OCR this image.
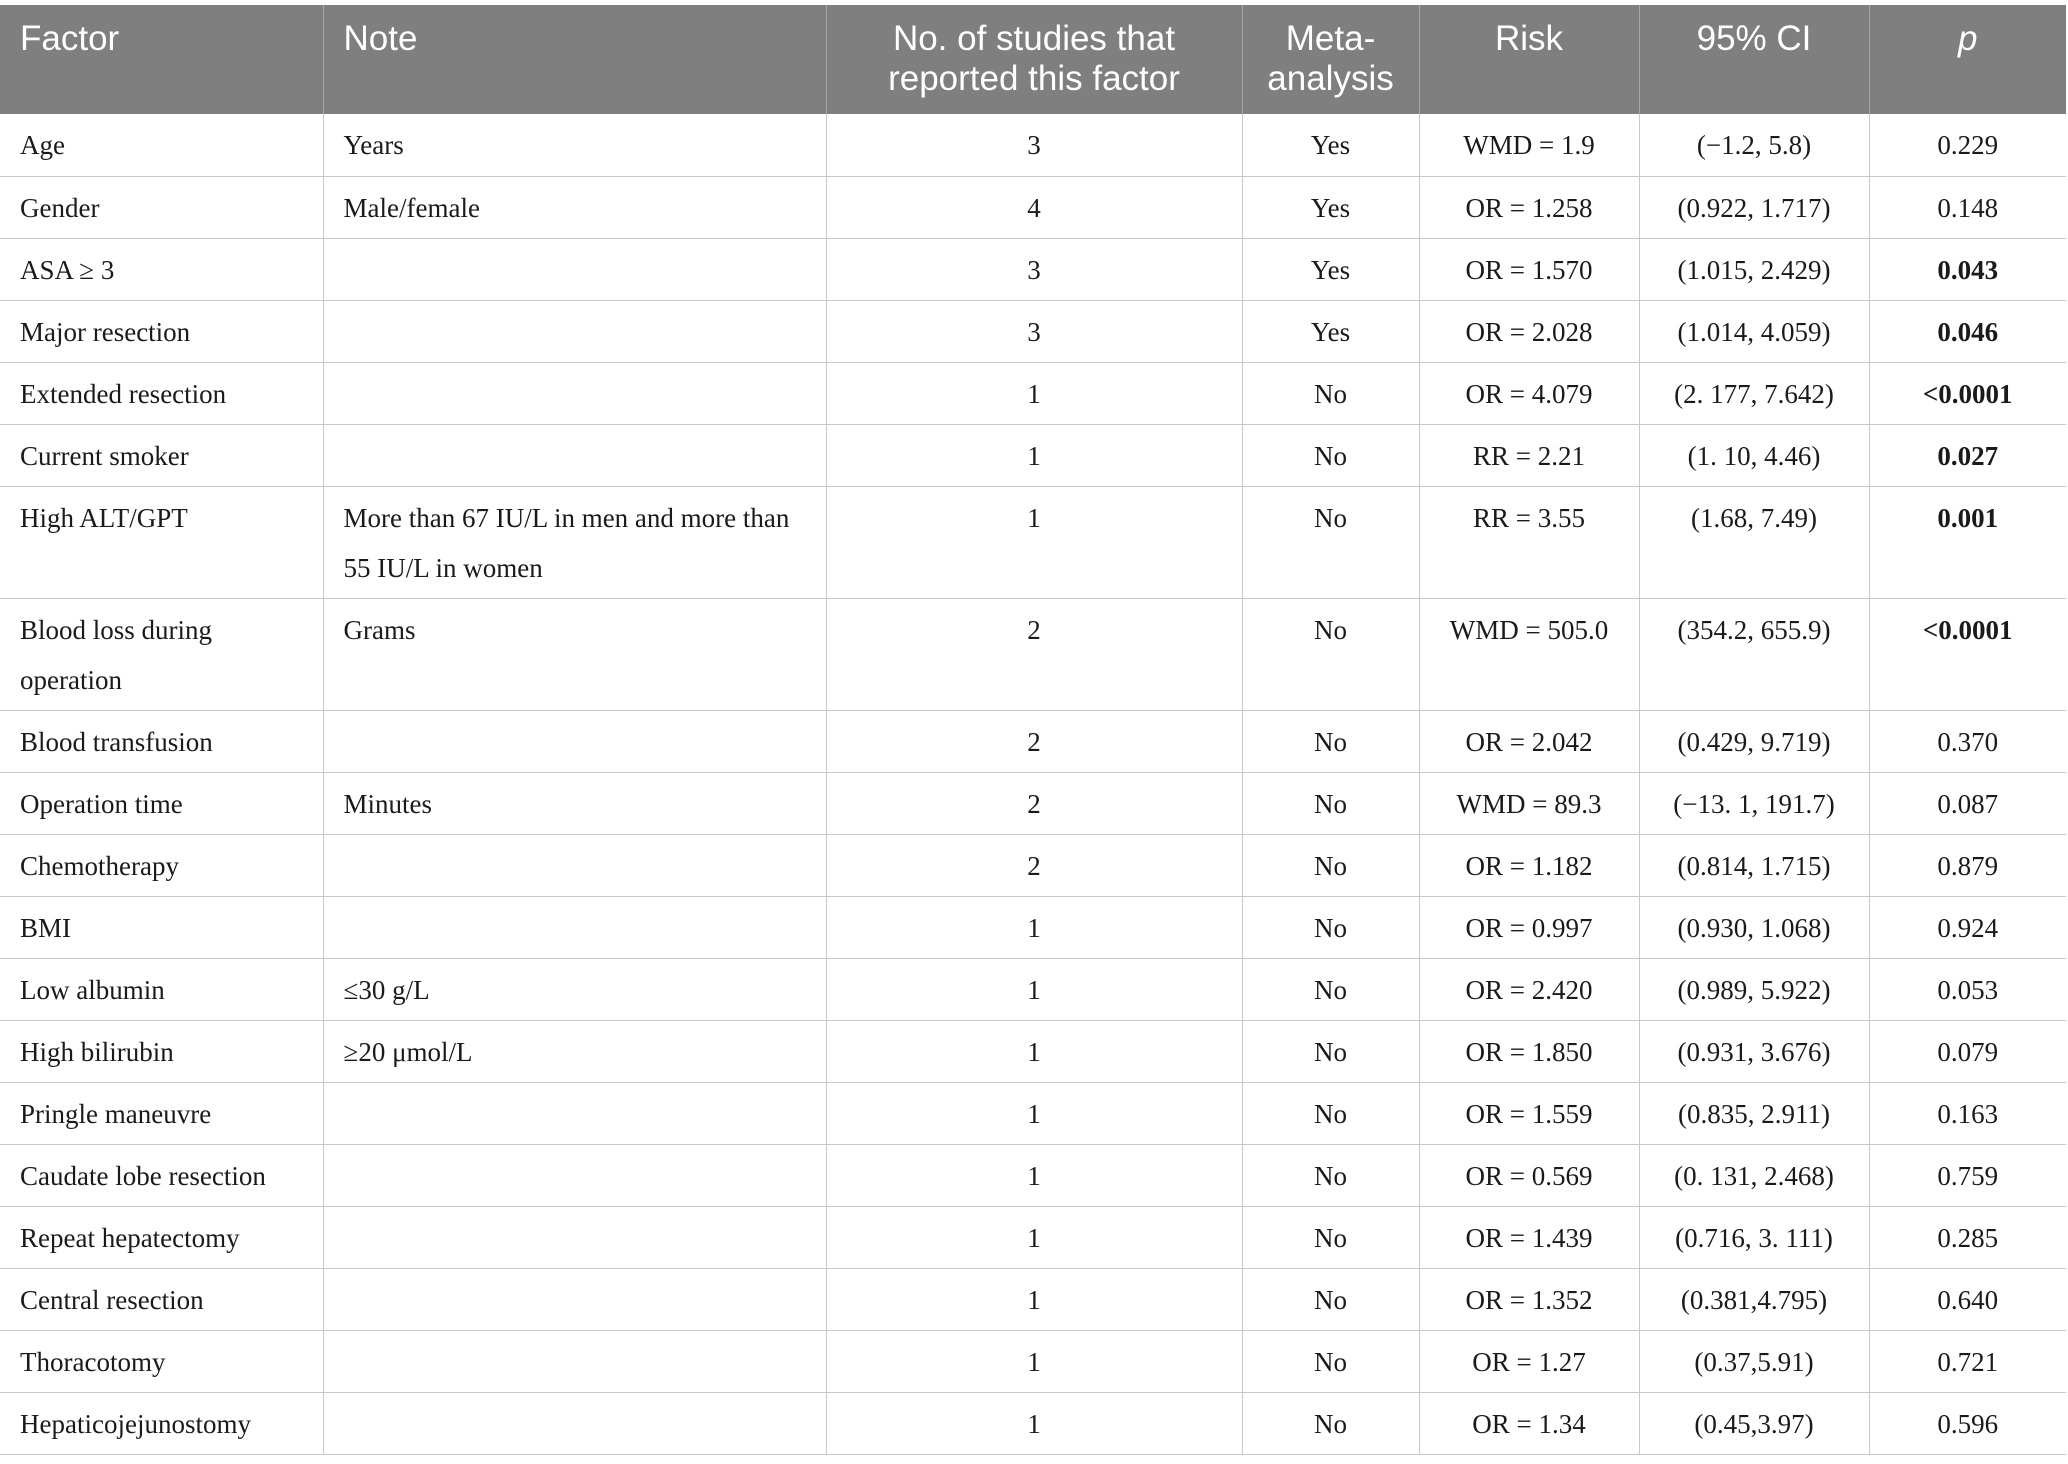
Factor	Note	No. of studies that reported this factor	Meta-analysis	Risk	95% CI	p
Age	Years	3	Yes	WMD = 1.9	(−1.2, 5.8)	0.229
Gender	Male/female	4	Yes	OR = 1.258	(0.922, 1.717)	0.148
ASA ≥ 3		3	Yes	OR = 1.570	(1.015, 2.429)	0.043
Major resection		3	Yes	OR = 2.028	(1.014, 4.059)	0.046
Extended resection		1	No	OR = 4.079	(2. 177, 7.642)	<0.0001
Current smoker		1	No	RR = 2.21	(1. 10, 4.46)	0.027
High ALT/GPT	More than 67 IU/L in men and more than 55 IU/L in women	1	No	RR = 3.55	(1.68, 7.49)	0.001
Blood loss during operation	Grams	2	No	WMD = 505.0	(354.2, 655.9)	<0.0001
Blood transfusion		2	No	OR = 2.042	(0.429, 9.719)	0.370
Operation time	Minutes	2	No	WMD = 89.3	(−13. 1, 191.7)	0.087
Chemotherapy		2	No	OR = 1.182	(0.814, 1.715)	0.879
BMI		1	No	OR = 0.997	(0.930, 1.068)	0.924
Low albumin	≤30 g/L	1	No	OR = 2.420	(0.989, 5.922)	0.053
High bilirubin	≥20 μmol/L	1	No	OR = 1.850	(0.931, 3.676)	0.079
Pringle maneuvre		1	No	OR = 1.559	(0.835, 2.911)	0.163
Caudate lobe resection		1	No	OR = 0.569	(0. 131, 2.468)	0.759
Repeat hepatectomy		1	No	OR = 1.439	(0.716, 3. 111)	0.285
Central resection		1	No	OR = 1.352	(0.381,4.795)	0.640
Thoracotomy		1	No	OR = 1.27	(0.37,5.91)	0.721
Hepaticojejunostomy		1	No	OR = 1.34	(0.45,3.97)	0.596
